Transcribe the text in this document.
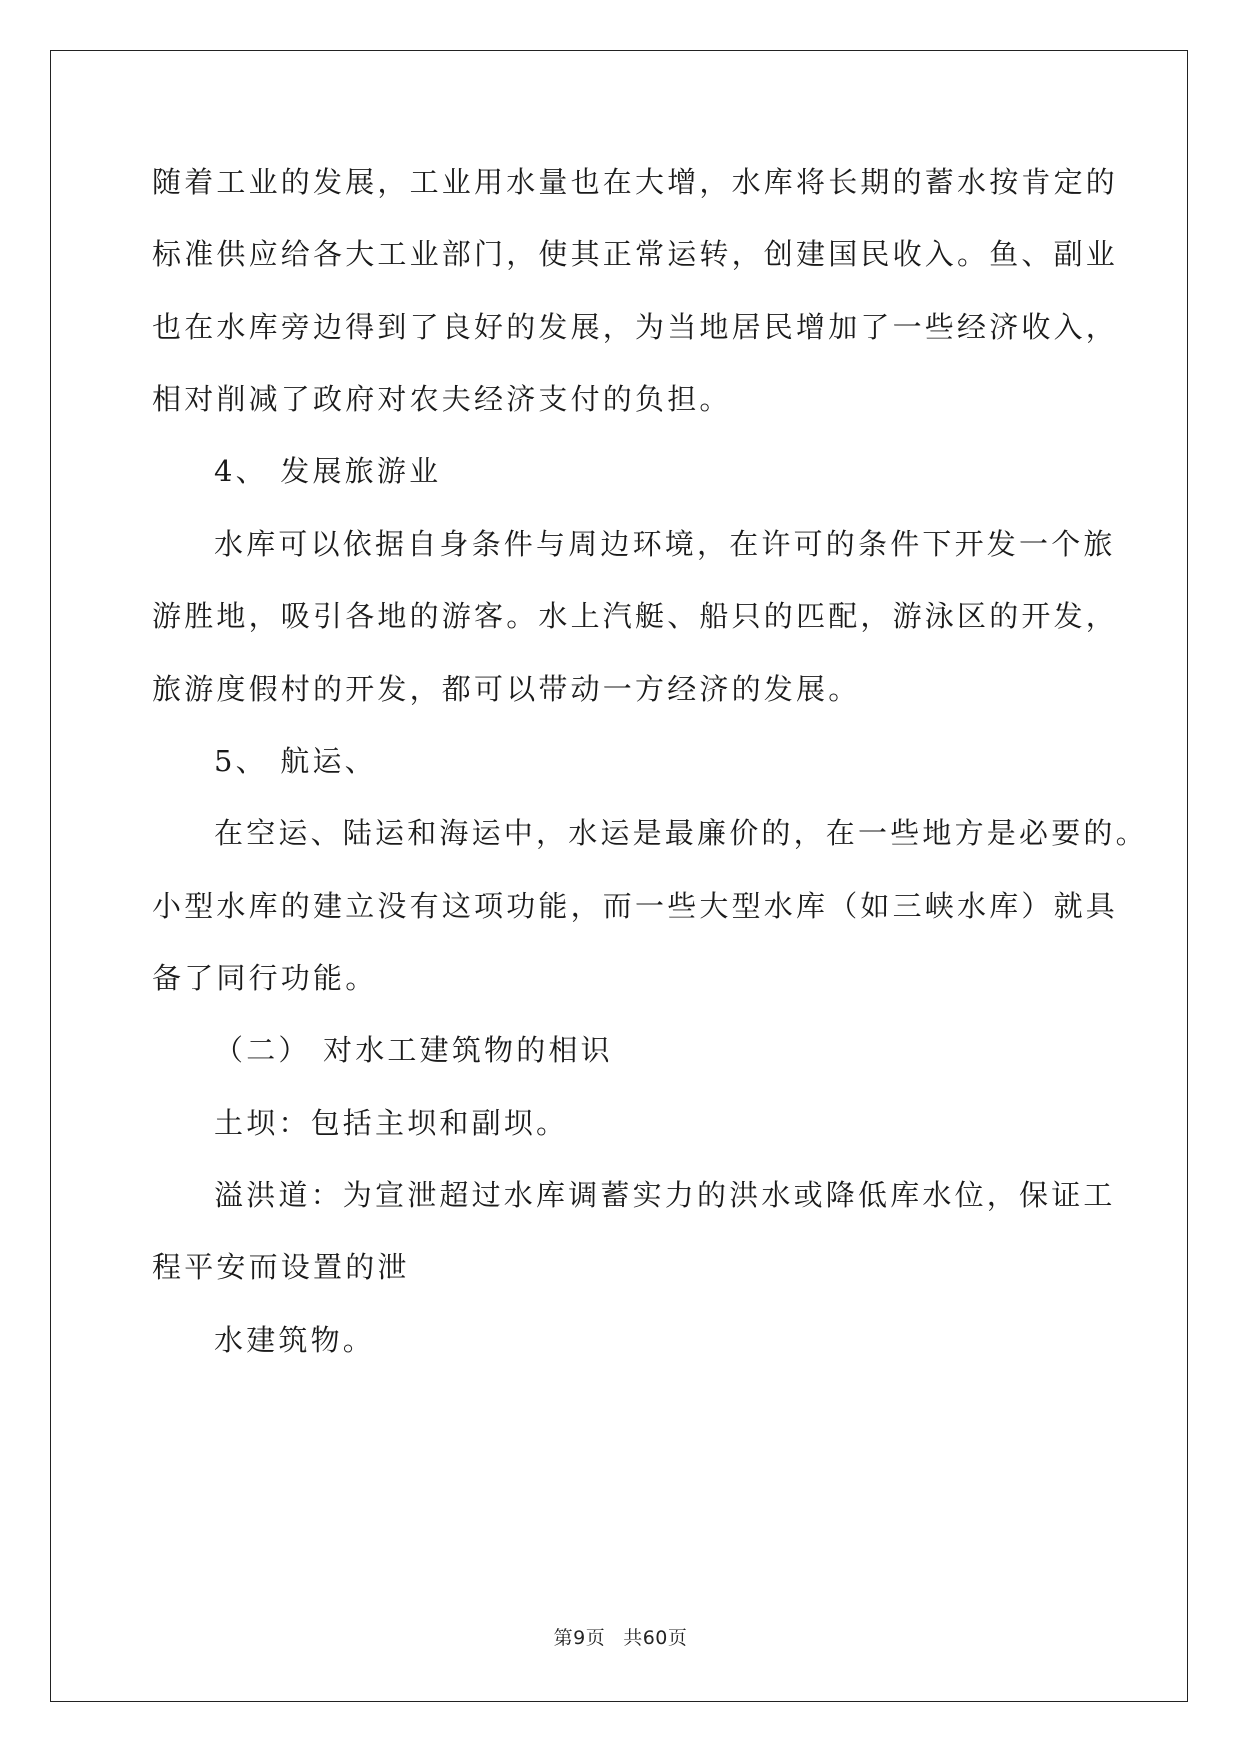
随着工业的发展，工业用水量也在大增，水库将长期的蓄水按肯定的
标准供应给各大工业部门，使其正常运转，创建国民收入。鱼、副业
也在水库旁边得到了良好的发展，为当地居民增加了一些经济收入，
相对削减了政府对农夫经济支付的负担。
4、 发展旅游业
水库可以依据自身条件与周边环境，在许可的条件下开发一个旅
游胜地，吸引各地的游客。水上汽艇、船只的匹配，游泳区的开发，
旅游度假村的开发，都可以带动一方经济的发展。
5、 航运、
在空运、陆运和海运中，水运是最廉价的，在一些地方是必要的。
小型水库的建立没有这项功能，而一些大型水库（如三峡水库）就具
备了同行功能。
（二） 对水工建筑物的相识
土坝：包括主坝和副坝。
溢洪道：为宣泄超过水库调蓄实力的洪水或降低库水位，保证工
程平安而设置的泄
水建筑物。
第9页 共60页
